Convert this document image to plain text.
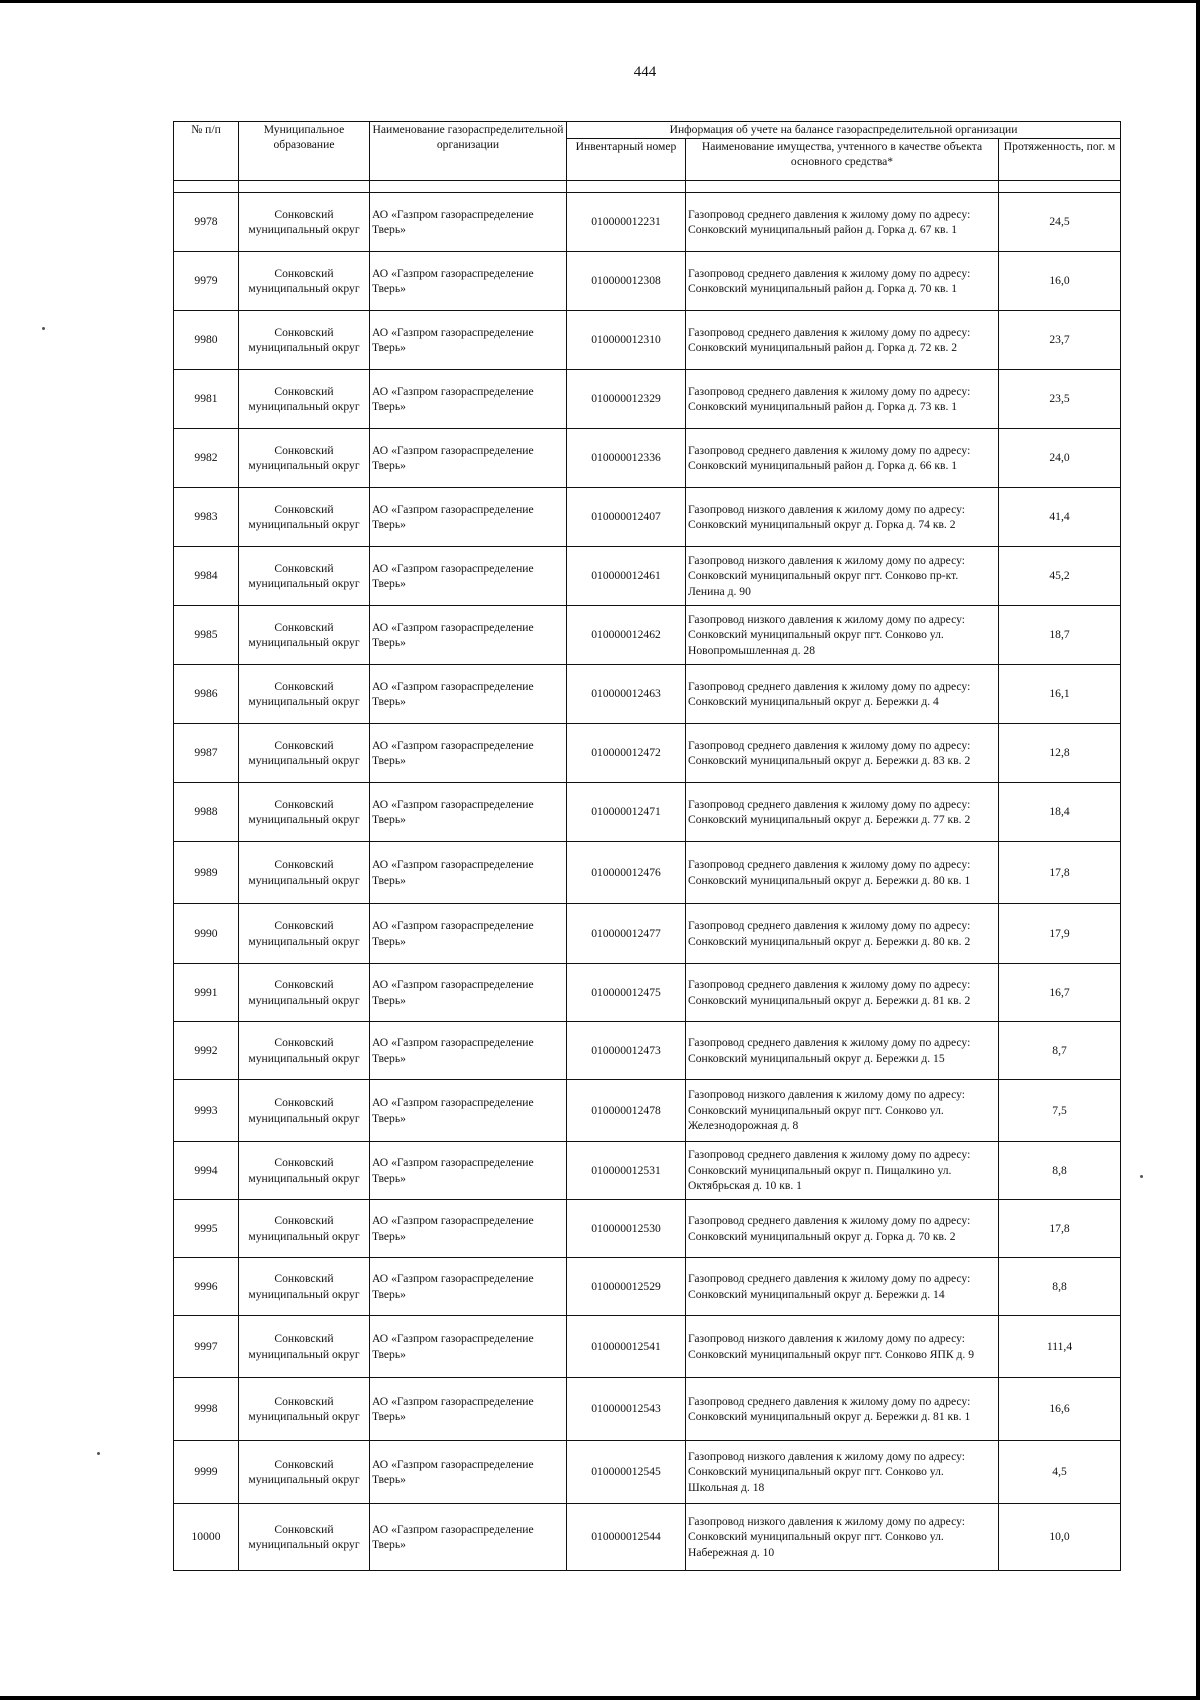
444
№ п/п	Муниципальное образование	Наименование газораспределительной организации	Информация об учете на балансе газораспределительной организации		
			Инвентарный номер	Наименование имущества, учтенного в качестве объекта основного средства*	Протяженность, пог. м

9978	Сонковский муниципальный округ	АО «Газпром газораспределение Тверь»	010000012231	Газопровод среднего давления к жилому дому по адресу: Сонковский муниципальный район д. Горка д. 67 кв. 1	24,5
9979	Сонковский муниципальный округ	АО «Газпром газораспределение Тверь»	010000012308	Газопровод среднего давления к жилому дому по адресу: Сонковский муниципальный район д. Горка д. 70 кв. 1	16,0
9980	Сонковский муниципальный округ	АО «Газпром газораспределение Тверь»	010000012310	Газопровод среднего давления к жилому дому по адресу: Сонковский муниципальный район д. Горка д. 72 кв. 2	23,7
9981	Сонковский муниципальный округ	АО «Газпром газораспределение Тверь»	010000012329	Газопровод среднего давления к жилому дому по адресу: Сонковский муниципальный район д. Горка д. 73 кв. 1	23,5
9982	Сонковский муниципальный округ	АО «Газпром газораспределение Тверь»	010000012336	Газопровод среднего давления к жилому дому по адресу: Сонковский муниципальный район д. Горка д. 66 кв. 1	24,0
9983	Сонковский муниципальный округ	АО «Газпром газораспределение Тверь»	010000012407	Газопровод низкого давления к жилому дому по адресу: Сонковский муниципальный округ д. Горка д. 74 кв. 2	41,4
9984	Сонковский муниципальный округ	АО «Газпром газораспределение Тверь»	010000012461	Газопровод низкого давления к жилому дому по адресу: Сонковский муниципальный округ пгт. Сонково пр-кт. Ленина д. 90	45,2
9985	Сонковский муниципальный округ	АО «Газпром газораспределение Тверь»	010000012462	Газопровод низкого давления к жилому дому по адресу: Сонковский муниципальный округ пгт. Сонково ул. Новопромышленная д. 28	18,7
9986	Сонковский муниципальный округ	АО «Газпром газораспределение Тверь»	010000012463	Газопровод среднего давления к жилому дому по адресу: Сонковский муниципальный округ д. Бережки д. 4	16,1
9987	Сонковский муниципальный округ	АО «Газпром газораспределение Тверь»	010000012472	Газопровод среднего давления к жилому дому по адресу: Сонковский муниципальный округ д. Бережки д. 83 кв. 2	12,8
9988	Сонковский муниципальный округ	АО «Газпром газораспределение Тверь»	010000012471	Газопровод среднего давления к жилому дому по адресу: Сонковский муниципальный округ д. Бережки д. 77 кв. 2	18,4
9989	Сонковский муниципальный округ	АО «Газпром газораспределение Тверь»	010000012476	Газопровод среднего давления к жилому дому по адресу: Сонковский муниципальный округ д. Бережки д. 80 кв. 1	17,8
9990	Сонковский муниципальный округ	АО «Газпром газораспределение Тверь»	010000012477	Газопровод среднего давления к жилому дому по адресу: Сонковский муниципальный округ д. Бережки д. 80 кв. 2	17,9
9991	Сонковский муниципальный округ	АО «Газпром газораспределение Тверь»	010000012475	Газопровод среднего давления к жилому дому по адресу: Сонковский муниципальный округ д. Бережки д. 81 кв. 2	16,7
9992	Сонковский муниципальный округ	АО «Газпром газораспределение Тверь»	010000012473	Газопровод среднего давления к жилому дому по адресу: Сонковский муниципальный округ д. Бережки д. 15	8,7
9993	Сонковский муниципальный округ	АО «Газпром газораспределение Тверь»	010000012478	Газопровод низкого давления к жилому дому по адресу: Сонковский муниципальный округ пгт. Сонково ул. Железнодорожная д. 8	7,5
9994	Сонковский муниципальный округ	АО «Газпром газораспределение Тверь»	010000012531	Газопровод среднего давления к жилому дому по адресу: Сонковский муниципальный округ п. Пищалкино ул. Октябрьская д. 10 кв. 1	8,8
9995	Сонковский муниципальный округ	АО «Газпром газораспределение Тверь»	010000012530	Газопровод среднего давления к жилому дому по адресу: Сонковский муниципальный округ д. Горка д. 70 кв. 2	17,8
9996	Сонковский муниципальный округ	АО «Газпром газораспределение Тверь»	010000012529	Газопровод среднего давления к жилому дому по адресу: Сонковский муниципальный округ д. Бережки д. 14	8,8
9997	Сонковский муниципальный округ	АО «Газпром газораспределение Тверь»	010000012541	Газопровод низкого давления к жилому дому по адресу: Сонковский муниципальный округ пгт. Сонково ЯПК д. 9	111,4
9998	Сонковский муниципальный округ	АО «Газпром газораспределение Тверь»	010000012543	Газопровод среднего давления к жилому дому по адресу: Сонковский муниципальный округ д. Бережки д. 81 кв. 1	16,6
9999	Сонковский муниципальный округ	АО «Газпром газораспределение Тверь»	010000012545	Газопровод низкого давления к жилому дому по адресу: Сонковский муниципальный округ пгт. Сонково ул. Школьная д. 18	4,5
10000	Сонковский муниципальный округ	АО «Газпром газораспределение Тверь»	010000012544	Газопровод низкого давления к жилому дому по адресу: Сонковский муниципальный округ пгт. Сонково ул. Набережная д. 10	10,0
